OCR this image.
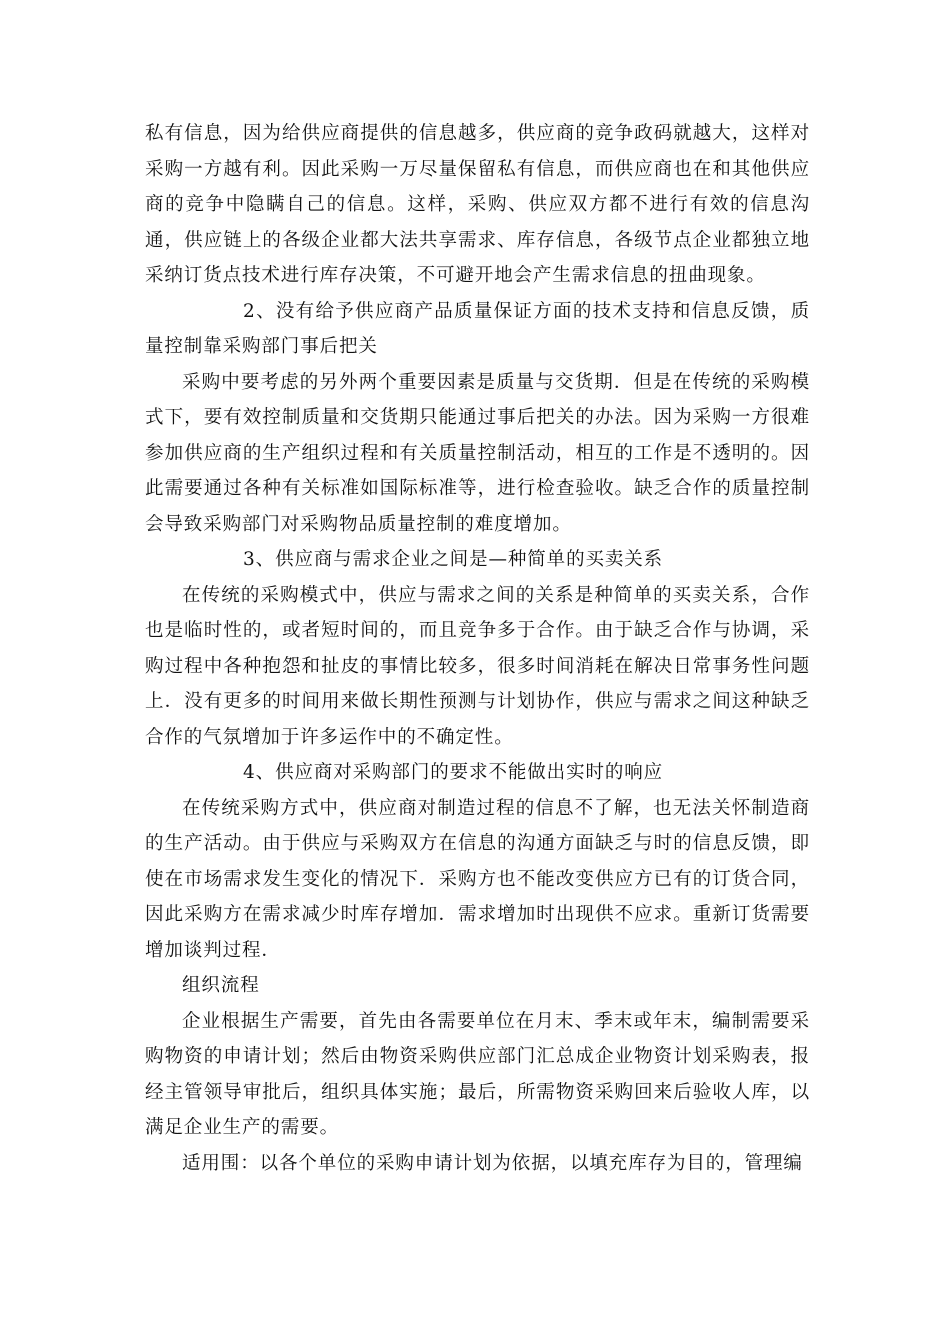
私有信息，因为给供应商提供的信息越多，供应商的竞争政码就越大，这样对采购一方越有利。因此采购一万尽量保留私有信息，而供应商也在和其他供应商的竞争中隐瞒自己的信息。这样，采购、供应双方都不进行有效的信息沟通，供应链上的各级企业都大法共享需求、库存信息，各级节点企业都独立地采纳订货点技术进行库存决策，不可避开地会产生需求信息的扭曲现象。

2、没有给予供应商产品质量保证方面的技术支持和信息反馈，质量控制靠采购部门事后把关

采购中要考虑的另外两个重要因素是质量与交货期．但是在传统的采购模式下，要有效控制质量和交货期只能通过事后把关的办法。因为采购一方很难参加供应商的生产组织过程和有关质量控制活动，相互的工作是不透明的。因此需要通过各种有关标准如国际标准等，进行检查验收。缺乏合作的质量控制会导致采购部门对采购物品质量控制的难度增加。

3、供应商与需求企业之间是—种简单的买卖关系

在传统的采购模式中，供应与需求之间的关系是种简单的买卖关系，合作也是临时性的，或者短时间的，而且竞争多于合作。由于缺乏合作与协调，采购过程中各种抱怨和扯皮的事情比较多，很多时间消耗在解决日常事务性问题上．没有更多的时间用来做长期性预测与计划协作，供应与需求之间这种缺乏合作的气氛增加于许多运作中的不确定性。

4、供应商对采购部门的要求不能做出实时的响应

在传统采购方式中，供应商对制造过程的信息不了解，也无法关怀制造商的生产活动。由于供应与采购双方在信息的沟通方面缺乏与时的信息反馈，即使在市场需求发生变化的情况下．采购方也不能改变供应方已有的订货合同，因此采购方在需求减少时库存增加．需求增加时出现供不应求。重新订货需要增加谈判过程．

组织流程

企业根据生产需要，首先由各需要单位在月末、季末或年末，编制需要采购物资的申请计划；然后由物资采购供应部门汇总成企业物资计划采购表，报经主管领导审批后，组织具体实施；最后，所需物资采购回来后验收人库，以满足企业生产的需要。

适用围：以各个单位的采购申请计划为依据，以填充库存为目的，管理编
